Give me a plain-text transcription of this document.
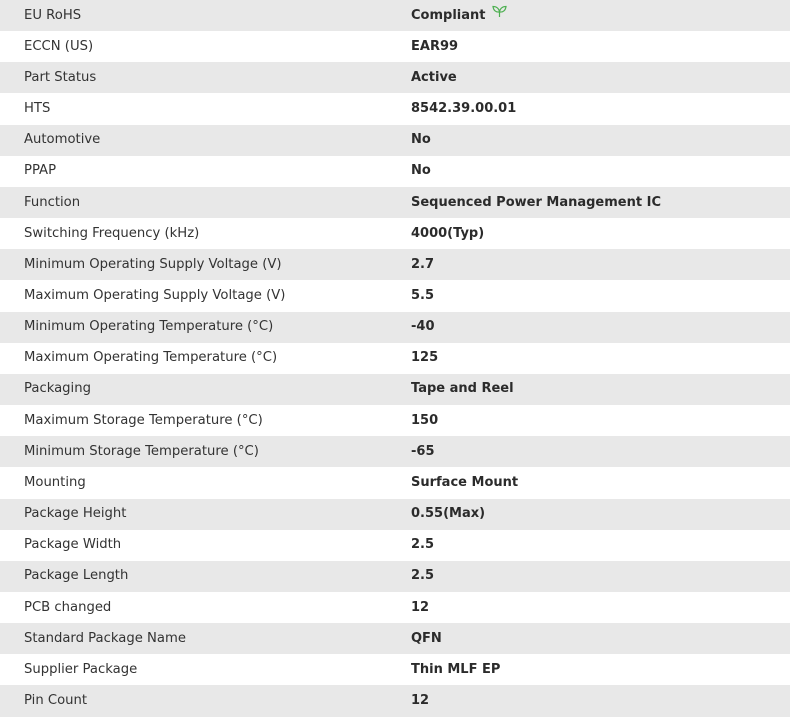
EU RoHS	Compliant
ECCN (US)	EAR99
Part Status	Active
HTS	8542.39.00.01
Automotive	No
PPAP	No
Function	Sequenced Power Management IC
Switching Frequency (kHz)	4000(Typ)
Minimum Operating Supply Voltage (V)	2.7
Maximum Operating Supply Voltage (V)	5.5
Minimum Operating Temperature (°C)	-40
Maximum Operating Temperature (°C)	125
Packaging	Tape and Reel
Maximum Storage Temperature (°C)	150
Minimum Storage Temperature (°C)	-65
Mounting	Surface Mount
Package Height	0.55(Max)
Package Width	2.5
Package Length	2.5
PCB changed	12
Standard Package Name	QFN
Supplier Package	Thin MLF EP
Pin Count	12
